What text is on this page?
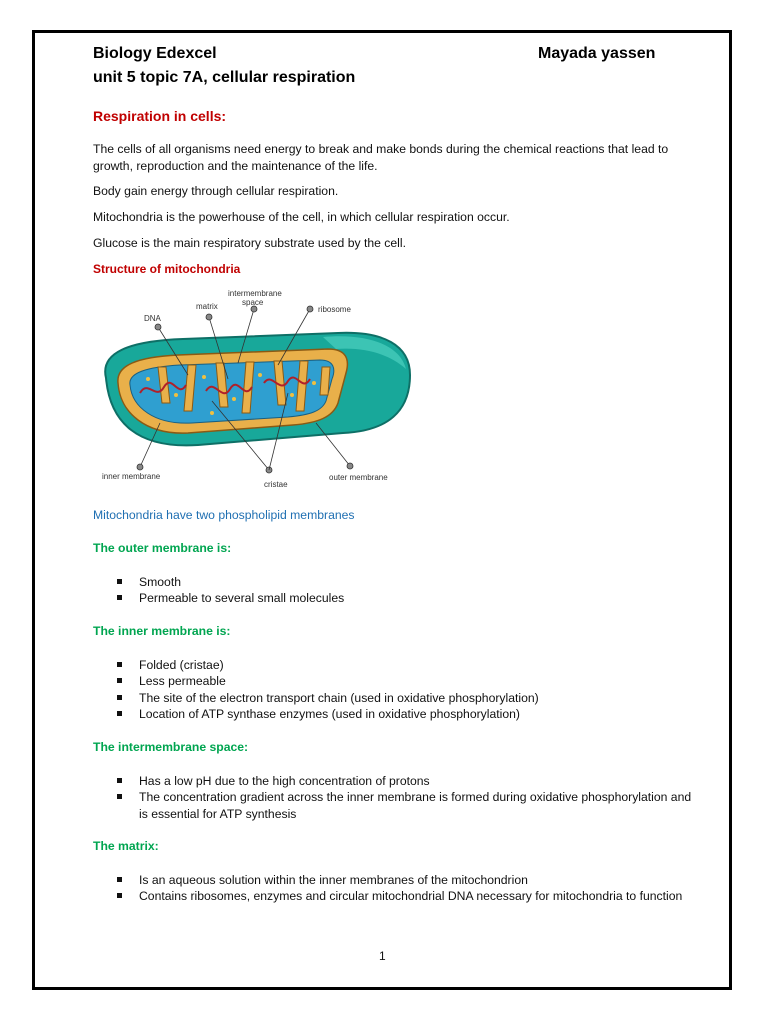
Biology Edexcel	Mayada yassen
unit 5 topic 7A, cellular respiration
Respiration in cells:
The cells of all organisms need energy to break and make bonds during the chemical reactions that lead to growth, reproduction and the maintenance of the life.
Body gain energy through cellular respiration.
Mitochondria is the powerhouse of the cell, in which cellular respiration occur.
Glucose is the main respiratory substrate used by the cell.
Structure of mitochondria
DNA
matrix
intermembrane
space
ribosome
inner membrane
cristae
outer membrane
Mitochondria have two phospholipid membranes
The outer membrane is:
Smooth
Permeable to several small molecules
The inner membrane is:
Folded (cristae)
Less permeable
The site of the electron transport chain (used in oxidative phosphorylation)
Location of ATP synthase enzymes (used in oxidative phosphorylation)
The intermembrane space:
Has a low pH due to the high concentration of protons
The concentration gradient across the inner membrane is formed during oxidative phosphorylation and is essential for ATP synthesis
The matrix:
Is an aqueous solution within the inner membranes of the mitochondrion
Contains ribosomes, enzymes and circular mitochondrial DNA necessary for mitochondria to function
1
